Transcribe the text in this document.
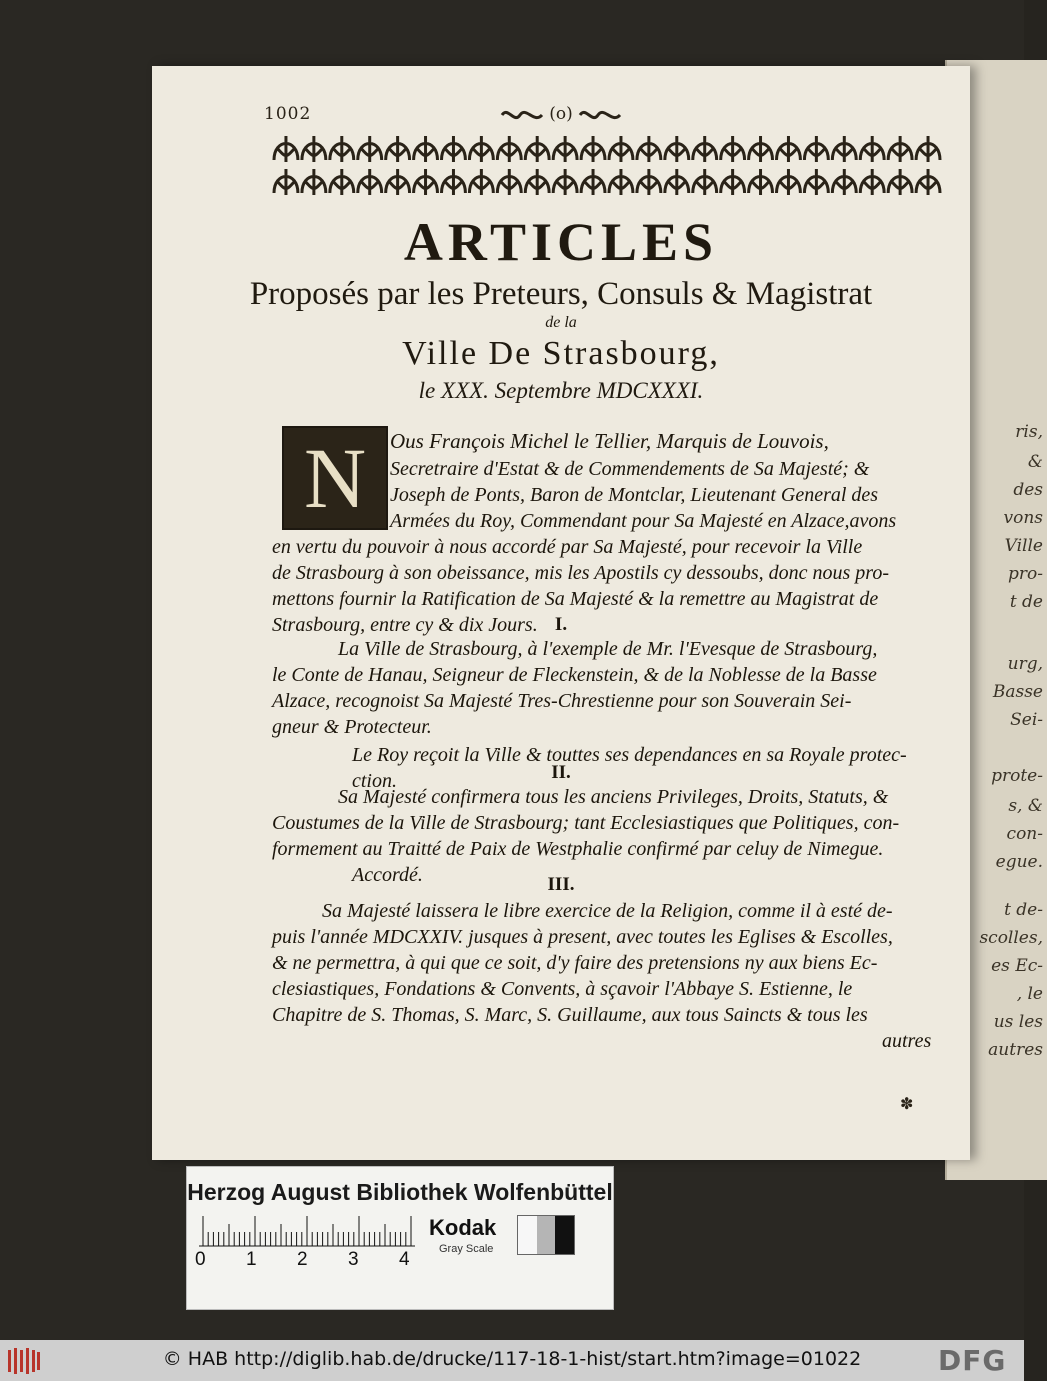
ris,
&
des
vons
Ville
pro-
t de
urg,
Basse
Sei-
prote-
s, &
con-
egue.
t de-
scolles,
es Ec-
, le
us les
autres
1002	(o)
ARTICLES
Proposés par les Preteurs, Consuls & Magistrat
de la
Ville De Strasbourg,
le XXX. Septembre MDCXXXI.
N	Ous François Michel le Tellier, Marquis de Louvois,
Secretraire d'Estat & de Commendements de Sa Majesté; &
Joseph de Ponts, Baron de Montclar, Lieutenant General des
Armées du Roy, Commendant pour Sa Majesté en Alzace,avons
en vertu du pouvoir à nous accordé par Sa Majesté, pour recevoir la Ville
de Strasbourg à son obeissance, mis les Apostils cy dessoubs, donc nous pro-
mettons fournir la Ratification de Sa Majesté & la remettre au Magistrat de
Strasbourg, entre cy & dix Jours. I.
La Ville de Strasbourg, à l'exemple de Mr. l'Evesque de Strasbourg,
le Conte de Hanau, Seigneur de Fleckenstein, & de la Noblesse de la Basse
Alzace, recognoist Sa Majesté Tres-Chrestienne pour son Souverain Sei-
gneur & Protecteur.
Le Roy reçoit la Ville & touttes ses dependances en sa Royale protec-
ction.	II.
Sa Majesté confirmera tous les anciens Privileges, Droits, Statuts, &
Coustumes de la Ville de Strasbourg; tant Ecclesiastiques que Politiques, con-
formement au Traitté de Paix de Westphalie confirmé par celuy de Nimegue.
Accordé.	III.
Sa Majesté laissera le libre exercice de la Religion, comme il à esté de-
puis l'année MDCXXIV. jusques à present, avec toutes les Eglises & Escolles,
& ne permettra, à qui que ce soit, d'y faire des pretensions ny aux biens Ec-
clesiastiques, Fondations & Convents, à sçavoir l'Abbaye S. Estienne, le
Chapitre de S. Thomas, S. Marc, S. Guillaume, aux tous Saincts & tous les
autres
✽
Herzog August Bibliothek Wolfenbüttel
0 1 2 3 4
Kodak
Gray Scale
© HAB http://diglib.hab.de/drucke/117-18-1-hist/start.htm?image=01022	DFG
